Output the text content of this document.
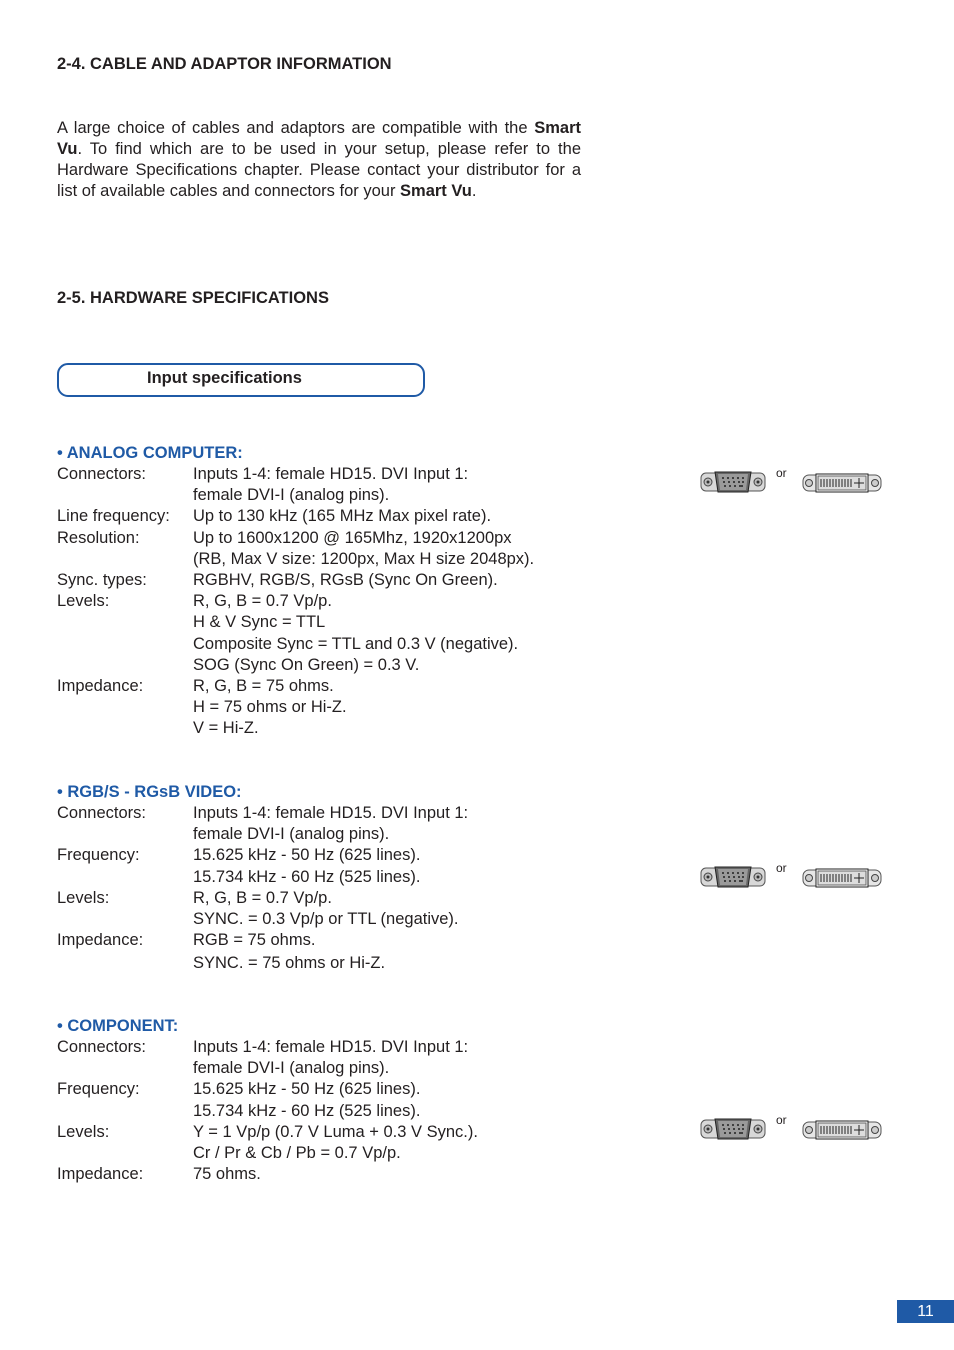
2-4. CABLE AND ADAPTOR INFORMATION
A large choice of cables and adaptors are compatible with the Smart Vu. To find which are to be used in your setup, please refer to the Hardware Specifications chapter. Please contact your distributor for a list of available cables and connectors for your Smart Vu.
2-5. HARDWARE SPECIFICATIONS
Input specifications
• ANALOG COMPUTER:
Connectors:	Inputs 1-4: female HD15. DVI Input 1:
female DVI-I (analog pins).
Line frequency: Up to 130 kHz (165 MHz Max pixel rate).
Resolution:	Up to 1600x1200 @ 165Mhz, 1920x1200px
(RB, Max V size: 1200px, Max H size 2048px).
Sync. types:	RGBHV, RGB/S, RGsB (Sync On Green).
Levels:	R, G, B = 0.7 Vp/p.
H & V Sync = TTL
Composite Sync = TTL and 0.3 V (negative).
SOG (Sync On Green) = 0.3 V.
Impedance:	R, G, B = 75 ohms.
H = 75 ohms or Hi-Z.
V = Hi-Z.
or
• RGB/S - RGsB VIDEO:
Connectors:	Inputs 1-4: female HD15. DVI Input 1:
female DVI-I (analog pins).
Frequency:	15.625 kHz - 50 Hz (625 lines).
15.734 kHz - 60 Hz (525 lines).
Levels:	R, G, B = 0.7 Vp/p.
SYNC. = 0.3 Vp/p or TTL (negative).
Impedance:	RGB = 75 ohms.
SYNC. = 75 ohms or Hi-Z.
or
• COMPONENT:
Connectors:	Inputs 1-4: female HD15. DVI Input 1:
female DVI-I (analog pins).
Frequency:	15.625 kHz - 50 Hz (625 lines).
15.734 kHz - 60 Hz (525 lines).
Levels:	Y = 1 Vp/p (0.7 V Luma + 0.3 V Sync.).
Cr / Pr & Cb / Pb = 0.7 Vp/p.
Impedance:	75 ohms.
or
11
